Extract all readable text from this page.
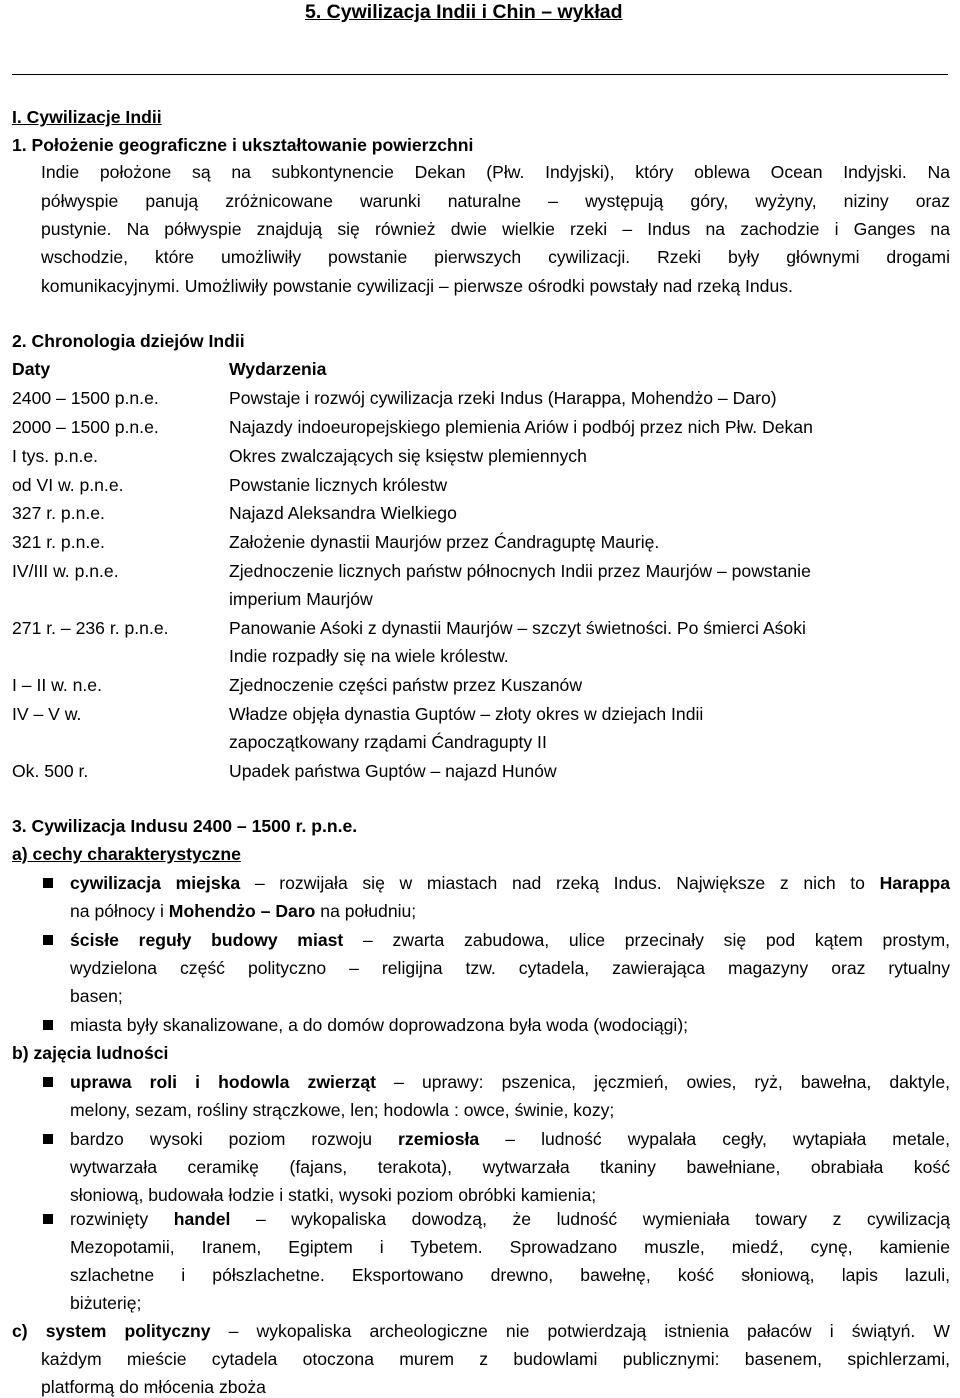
5. Cywilizacja Indii i Chin – wykład
I. Cywilizacje Indii
1. Położenie geograficzne i ukształtowanie powierzchni
Indie położone są na subkontynencie Dekan (Płw. Indyjski), który oblewa Ocean Indyjski. Na
półwyspie panują zróżnicowane warunki naturalne – występują góry, wyżyny, niziny oraz
pustynie. Na półwyspie znajdują się również dwie wielkie rzeki – Indus na zachodzie i Ganges na
wschodzie, które umożliwiły powstanie pierwszych cywilizacji. Rzeki były głównymi drogami
komunikacyjnymi. Umożliwiły powstanie cywilizacji – pierwsze ośrodki powstały nad rzeką Indus.
2. Chronologia dziejów Indii
Daty	Wydarzenia
2400 – 1500 p.n.e.	Powstaje i rozwój cywilizacja rzeki Indus (Harappa, Mohendżo – Daro)
2000 – 1500 p.n.e.	Najazdy indoeuropejskiego plemienia Ariów i podbój przez nich Płw. Dekan
I tys. p.n.e.	Okres zwalczających się księstw plemiennych
od VI w. p.n.e.	Powstanie licznych królestw
327 r. p.n.e.	Najazd Aleksandra Wielkiego
321 r. p.n.e.	Założenie dynastii Maurjów przez Ćandraguptę Maurię.
IV/III w. p.n.e.	Zjednoczenie licznych państw północnych Indii przez Maurjów – powstanie
imperium Maurjów
271 r. – 236 r. p.n.e.	Panowanie Aśoki z dynastii Maurjów – szczyt świetności. Po śmierci Aśoki
Indie rozpadły się na wiele królestw.
I – II w. n.e.	Zjednoczenie części państw przez Kuszanów
IV – V w.	Władze objęła dynastia Guptów – złoty okres w dziejach Indii
zapoczątkowany rządami Ćandragupty II
Ok. 500 r.	Upadek państwa Guptów – najazd Hunów
3. Cywilizacja Indusu 2400 – 1500 r. p.n.e.
a) cechy charakterystyczne
cywilizacja miejska – rozwijała się w miastach nad rzeką Indus. Największe z nich to Harappa
na północy i Mohendżo – Daro na południu;
ścisłe reguły budowy miast – zwarta zabudowa, ulice przecinały się pod kątem prostym,
wydzielona część polityczno – religijna tzw. cytadela, zawierająca magazyny oraz rytualny
basen;
miasta były skanalizowane, a do domów doprowadzona była woda (wodociągi);
b) zajęcia ludności
uprawa roli i hodowla zwierząt – uprawy: pszenica, jęczmień, owies, ryż, bawełna, daktyle,
melony, sezam, rośliny strączkowe, len; hodowla : owce, świnie, kozy;
bardzo wysoki poziom rozwoju rzemiosła – ludność wypalała cegły, wytapiała metale,
wytwarzała ceramikę (fajans, terakota), wytwarzała tkaniny bawełniane, obrabiała kość
słoniową, budowała łodzie i statki, wysoki poziom obróbki kamienia;
rozwinięty handel – wykopaliska dowodzą, że ludność wymieniała towary z cywilizacją
Mezopotamii, Iranem, Egiptem i Tybetem. Sprowadzano muszle, miedź, cynę, kamienie
szlachetne i półszlachetne. Eksportowano drewno, bawełnę, kość słoniową, lapis lazuli,
biżuterię;
c) system polityczny – wykopaliska archeologiczne nie potwierdzają istnienia pałaców i świątyń. W
każdym mieście cytadela otoczona murem z budowlami publicznymi: basenem, spichlerzami,
platformą do młócenia zboża
